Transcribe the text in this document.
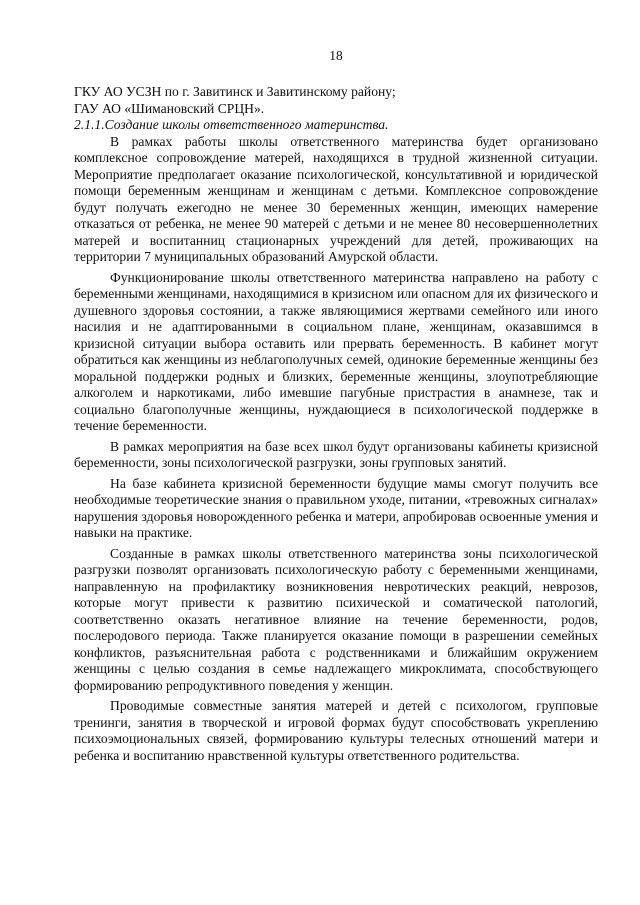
18

ГКУ АО УСЗН по г. Завитинск и Завитинскому району;

ГАУ АО «Шимановский СРЦН».

2.1.1.Создание школы ответственного материнства.

В рамках работы школы ответственного материнства будет организовано комплексное сопровождение матерей, находящихся в трудной жизненной ситуации. Мероприятие предполагает оказание психологической, консультативной и юридической помощи беременным женщинам и женщинам с детьми. Комплексное сопровождение будут получать ежегодно не менее 30 беременных женщин, имеющих намерение отказаться от ребенка, не менее 90 матерей с детьми и не менее 80 несовершеннолетних матерей и воспитанниц стационарных учреждений для детей, проживающих на территории 7 муниципальных образований Амурской области.

Функционирование школы ответственного материнства направлено на работу с беременными женщинами, находящимися в кризисном или опасном для их физического и душевного здоровья состоянии, а также являющимися жертвами семейного или иного насилия и не адаптированными в социальном плане, женщинам, оказавшимся в кризисной ситуации выбора оставить или прервать беременность. В кабинет могут обратиться как женщины из неблагополучных семей, одинокие беременные женщины без моральной поддержки родных и близких, беременные женщины, злоупотребляющие алкоголем и наркотиками, либо имевшие пагубные пристрастия в анамнезе, так и социально благополучные женщины, нуждающиеся в психологической поддержке в течение беременности.

В рамках мероприятия на базе всех школ будут организованы кабинеты кризисной беременности, зоны психологической разгрузки, зоны групповых занятий.

На базе кабинета кризисной беременности будущие мамы смогут получить все необходимые теоретические знания о правильном уходе, питании, «тревожных сигналах» нарушения здоровья новорожденного ребенка и матери, апробировав освоенные умения и навыки на практике.

Созданные в рамках школы ответственного материнства зоны психологической разгрузки позволят организовать психологическую работу с беременными женщинами, направленную на профилактику возникновения невротических реакций, неврозов, которые могут привести к развитию психической и соматической патологий, соответственно оказать негативное влияние на течение беременности, родов, послеродового периода. Также планируется оказание помощи в разрешении семейных конфликтов, разъяснительная работа с родственниками и ближайшим окружением женщины с целью создания в семье надлежащего микроклимата, способствующего формированию репродуктивного поведения у женщин.

Проводимые совместные занятия матерей и детей с психологом, групповые тренинги, занятия в творческой и игровой формах будут способствовать укреплению психоэмоциональных связей, формированию культуры телесных отношений матери и ребенка и воспитанию нравственной культуры ответственного родительства.
